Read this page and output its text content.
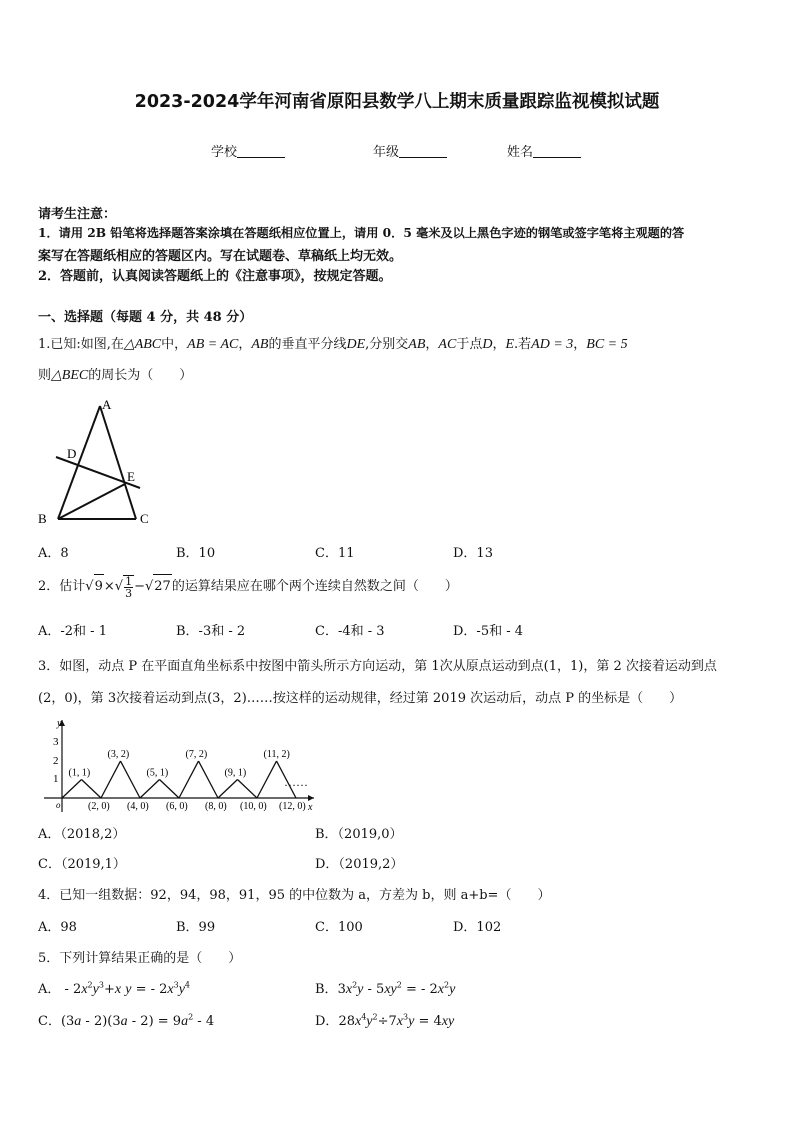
2023-2024学年河南省原阳县数学八上期末质量跟踪监视模拟试题
学校	年级	姓名
请考生注意：
1．请用 2B 铅笔将选择题答案涂填在答题纸相应位置上，请用 0．5 毫米及以上黑色字迹的钢笔或签字笔将主观题的答
案写在答题纸相应的答题区内。写在试题卷、草稿纸上均无效。
2．答题前，认真阅读答题纸上的《注意事项》，按规定答题。
一、选择题（每题 4 分，共 48 分）
1.已知:如图,在△ABC中，AB = AC，AB的垂直平分线DE,分别交AB，AC于点D，E.若AD = 3，BC = 5
则△BEC的周长为（　　）
A
B	C
D
E
A．8	B．10	C．11	D．13
2．估计$√9\times√ \frac{1}{3} -√27$的运算结果应在哪个两个连续自然数之间（　　）
A．-2和 - 1	B．-3和 - 2	C．-4和 - 3	D．-5和 - 4
3．如图，动点 P 在平面直角坐标系中按图中箭头所示方向运动，第 1次从原点运动到点(1，1)，第 2 次接着运动到点
(2，0)，第 3次接着运动到点(3，2)……按这样的运动规律，经过第 2019 次运动后，动点 P 的坐标是（　　）
x
y
o
1
2
3
(1, 1)
(3, 2)
(5, 1)
(7, 2)
(9, 1)
(11, 2)
(2, 0) (4, 0) (6, 0) (8, 0) (10, 0) (12, 0)
……
A．（2018,2）	B．（2019,0）
C．（2019,1）	D．（2019,2）
4．已知一组数据：92，94，98，91，95 的中位数为 a，方差为 b，则 a+b=（　　）
A．98	B．99	C．100	D．102
5．下列计算结果正确的是（　　）
A． - $2x^2y^3+x$ y = - $2x^3y^4$	B．$3x^2y - 5xy^2$ = - $2x^2y$
C．$(3a - 2)(3a - 2) = 9a^2 - 4$	D．$28x^4y^2\div 7x^3y = 4xy$
